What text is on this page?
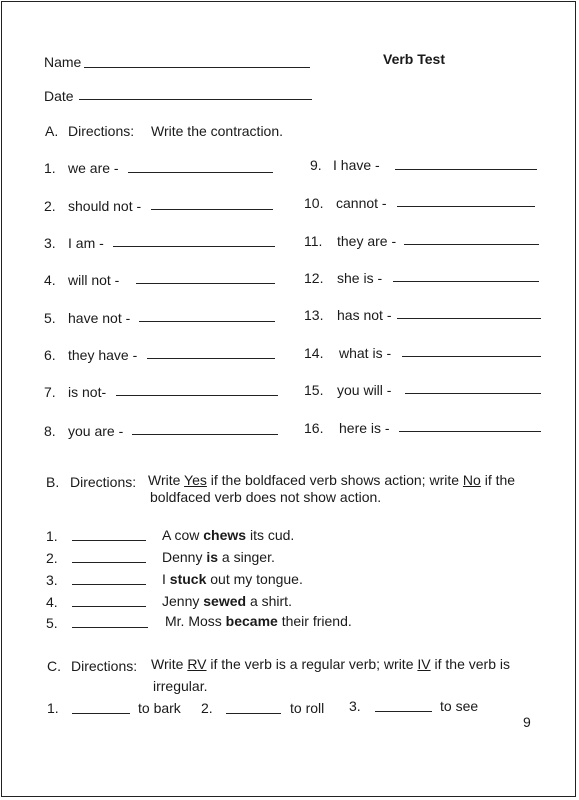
Name	Verb Test
Date
A. Directions: Write the contraction.
1. we are -
2. should not -
3. I am -
4. will not -
5. have not -
6. they have -
7. is not-
8. you are -
9. I have -
10. cannot -
11. they are -
12. she is -
13. has not -
14. what is -
15. you will -
16. here is -
B. Directions: Write Yes if the boldfaced verb shows action; write No if the
boldfaced verb does not show action.
1.	A cow chews its cud.
2.	Denny is a singer.
3.	I stuck out my tongue.
4.	Jenny sewed a shirt.
5.	Mr. Moss became their friend.
C. Directions: Write RV if the verb is a regular verb; write IV if the verb is
irregular.
1.	to bark 2.	to roll 3.	to see
9
